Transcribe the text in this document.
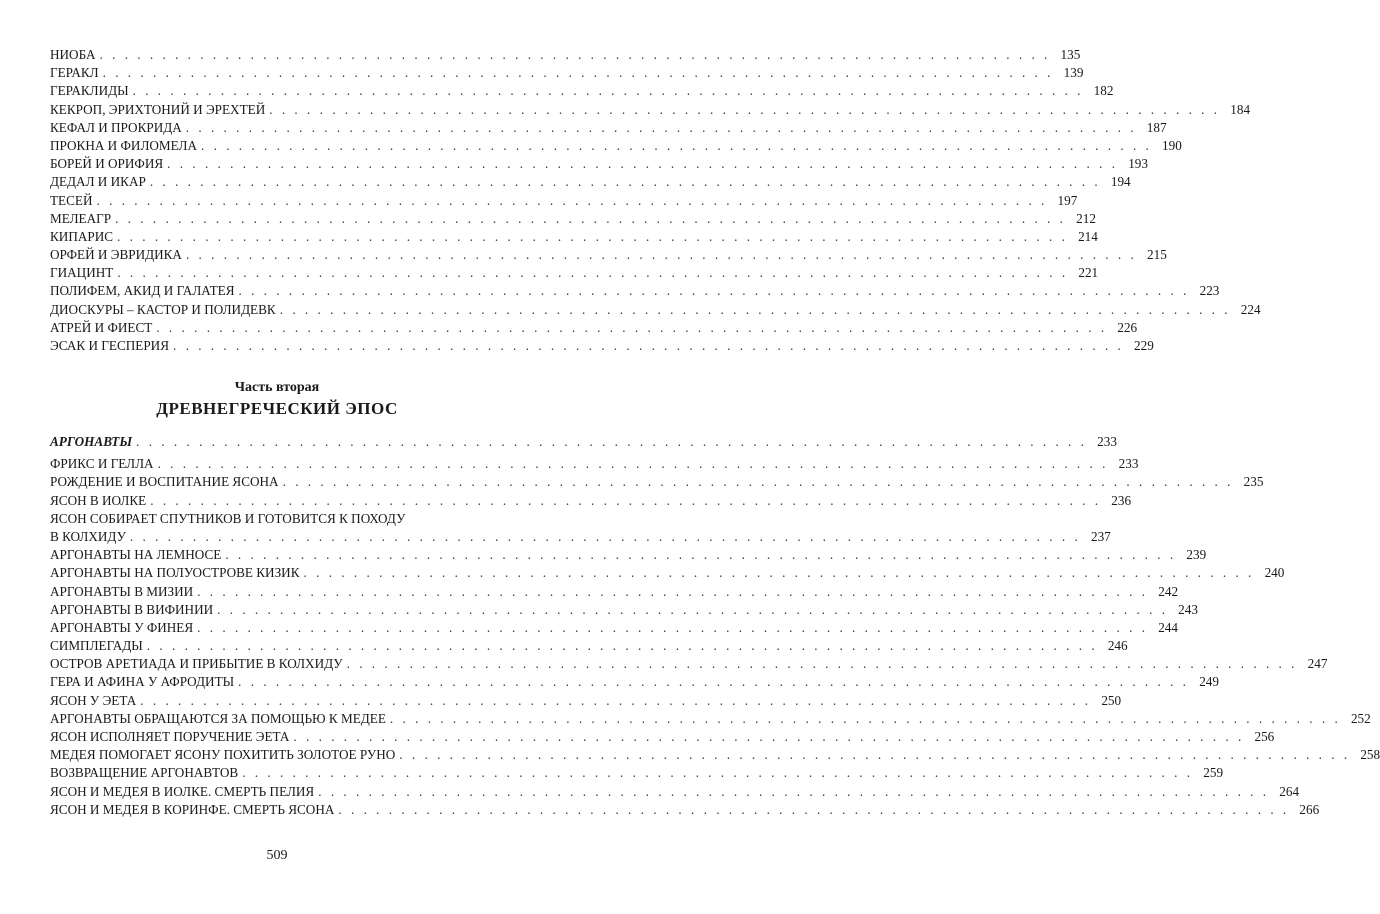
НИОБА . . .	135
ГЕРАКЛ . . .	139
ГЕРАКЛИДЫ . . .	182
КЕКРОП, ЭРИХТОНИЙ И ЭРЕХТЕЙ . . .	184
КЕФАЛ И ПРОКРИДА . . .	187
ПРОКНА И ФИЛОМЕЛА . . .	190
БОРЕЙ И ОРИФИЯ . . .	193
ДЕДАЛ И ИКАР . . .	194
ТЕСЕЙ . . .	197
МЕЛЕАГР . . .	212
КИПАРИС . . .	214
ОРФЕЙ И ЭВРИДИКА . . .	215
ГИАЦИНТ . . .	221
ПОЛИФЕМ, АКИД И ГАЛАТЕЯ . . .	223
ДИОСКУРЫ – КАСТОР И ПОЛИДЕВК . . .	224
АТРЕЙ И ФИЕСТ . . .	226
ЭСАК И ГЕСПЕРИЯ . . .	229
Часть вторая
ДРЕВНЕГРЕЧЕСКИЙ ЭПОС
АРГОНАВТЫ . . .	233
ФРИКС И ГЕЛЛА . . .	233
РОЖДЕНИЕ И ВОСПИТАНИЕ ЯСОНА . . .	235
ЯСОН В ИОЛКЕ . . .	236
ЯСОН СОБИРАЕТ СПУТНИКОВ И ГОТОВИТСЯ К ПОХОДУ
В КОЛХИДУ . . .	237
АРГОНАВТЫ НА ЛЕМНОСЕ . . .	239
АРГОНАВТЫ НА ПОЛУОСТРОВЕ КИЗИК . . .	240
АРГОНАВТЫ В МИЗИИ . . .	242
АРГОНАВТЫ В ВИФИНИИ . . .	243
АРГОНАВТЫ У ФИНЕЯ . . .	244
СИМПЛЕГАДЫ . . .	246
ОСТРОВ АРЕТИАДА И ПРИБЫТИЕ В КОЛХИДУ . . .	247
ГЕРА И АФИНА У АФРОДИТЫ . . .	249
ЯСОН У ЭЕТА . . .	250
АРГОНАВТЫ ОБРАЩАЮТСЯ ЗА ПОМОЩЬЮ К МЕДЕЕ . . .	252
ЯСОН ИСПОЛНЯЕТ ПОРУЧЕНИЕ ЭЕТА . . .	256
МЕДЕЯ ПОМОГАЕТ ЯСОНУ ПОХИТИТЬ ЗОЛОТОЕ РУНО . . .	258
ВОЗВРАЩЕНИЕ АРГОНАВТОВ . . .	259
ЯСОН И МЕДЕЯ В ИОЛКЕ. СМЕРТЬ ПЕЛИЯ . . .	264
ЯСОН И МЕДЕЯ В КОРИНФЕ. СМЕРТЬ ЯСОНА . . .	266
509
